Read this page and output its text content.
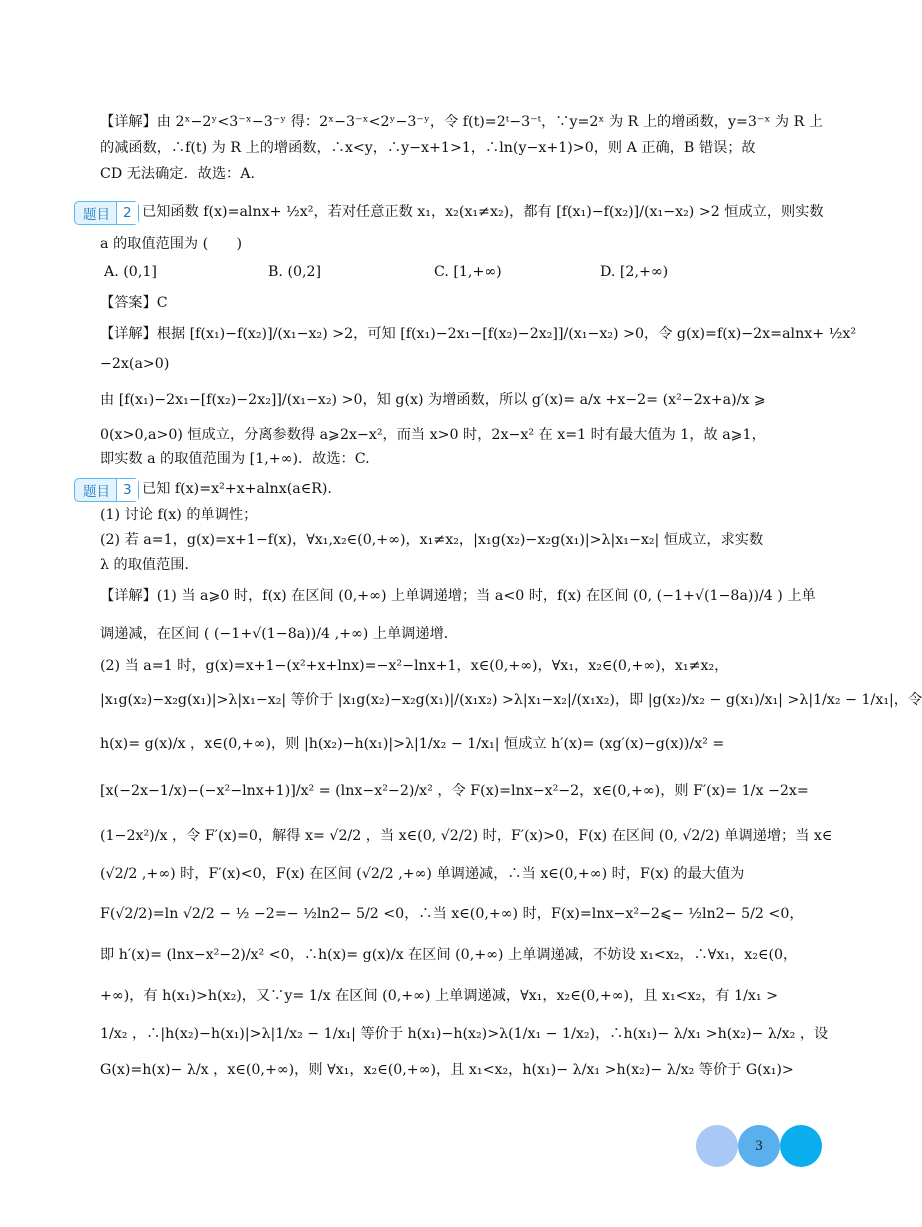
【详解】由 2ˣ−2ʸ<3⁻ˣ−3⁻ʸ 得：2ˣ−3⁻ˣ<2ʸ−3⁻ʸ，令 f(t)=2ᵗ−3⁻ᵗ，∵y=2ˣ 为 R 上的增函数，y=3⁻ˣ 为 R 上
的减函数，∴f(t) 为 R 上的增函数，∴x<y，∴y−x+1>1，∴ln(y−x+1)>0，则 A 正确，B 错误；故
CD 无法确定．故选：A.
题目 2 已知函数 f(x)=alnx+ ½x²，若对任意正数 x₁，x₂(x₁≠x₂)，都有 [f(x₁)−f(x₂)]/(x₁−x₂) >2 恒成立，则实数
a 的取值范围为 (　　)
A. (0,1]	B. (0,2]	C. [1,+∞)	D. [2,+∞)
【答案】C
【详解】根据 [f(x₁)−f(x₂)]/(x₁−x₂) >2，可知 [f(x₁)−2x₁−[f(x₂)−2x₂]]/(x₁−x₂) >0，令 g(x)=f(x)−2x=alnx+ ½x²
−2x(a>0)
由 [f(x₁)−2x₁−[f(x₂)−2x₂]]/(x₁−x₂) >0，知 g(x) 为增函数，所以 g′(x)= a/x +x−2= (x²−2x+a)/x ⩾
0(x>0,a>0) 恒成立，分离参数得 a⩾2x−x²，而当 x>0 时，2x−x² 在 x=1 时有最大值为 1，故 a⩾1，
即实数 a 的取值范围为 [1,+∞)．故选：C.
题目 3 已知 f(x)=x²+x+alnx(a∈R).
(1) 讨论 f(x) 的单调性；
(2) 若 a=1，g(x)=x+1−f(x)，∀x₁,x₂∈(0,+∞)，x₁≠x₂，|x₁g(x₂)−x₂g(x₁)|>λ|x₁−x₂| 恒成立，求实数
λ 的取值范围．
【详解】(1) 当 a⩾0 时，f(x) 在区间 (0,+∞) 上单调递增；当 a<0 时，f(x) 在区间 (0, (−1+√(1−8a))/4 ) 上单
调递减，在区间 ( (−1+√(1−8a))/4 ,+∞) 上单调递增．
(2) 当 a=1 时，g(x)=x+1−(x²+x+lnx)=−x²−lnx+1，x∈(0,+∞)，∀x₁，x₂∈(0,+∞)，x₁≠x₂，
|x₁g(x₂)−x₂g(x₁)|>λ|x₁−x₂| 等价于 |x₁g(x₂)−x₂g(x₁)|/(x₁x₂) >λ|x₁−x₂|/(x₁x₂)，即 |g(x₂)/x₂ − g(x₁)/x₁| >λ|1/x₂ − 1/x₁|，令
h(x)= g(x)/x ，x∈(0,+∞)，则 |h(x₂)−h(x₁)|>λ|1/x₂ − 1/x₁| 恒成立 h′(x)= (xg′(x)−g(x))/x² =
[x(−2x−1/x)−(−x²−lnx+1)]/x² = (lnx−x²−2)/x² ，令 F(x)=lnx−x²−2，x∈(0,+∞)，则 F′(x)= 1/x −2x=
(1−2x²)/x ，令 F′(x)=0，解得 x= √2/2 ，当 x∈(0, √2/2) 时，F′(x)>0，F(x) 在区间 (0, √2/2) 单调递增；当 x∈
(√2/2 ,+∞) 时，F′(x)<0，F(x) 在区间 (√2/2 ,+∞) 单调递减，∴当 x∈(0,+∞) 时，F(x) 的最大值为
F(√2/2)=ln √2/2 − ½ −2=− ½ln2− 5/2 <0，∴当 x∈(0,+∞) 时，F(x)=lnx−x²−2⩽− ½ln2− 5/2 <0，
即 h′(x)= (lnx−x²−2)/x² <0，∴h(x)= g(x)/x 在区间 (0,+∞) 上单调递减，不妨设 x₁<x₂，∴∀x₁，x₂∈(0，
+∞)，有 h(x₁)>h(x₂)，又∵y= 1/x 在区间 (0,+∞) 上单调递减，∀x₁，x₂∈(0,+∞)，且 x₁<x₂，有 1/x₁ >
1/x₂ ，∴|h(x₂)−h(x₁)|>λ|1/x₂ − 1/x₁| 等价于 h(x₁)−h(x₂)>λ(1/x₁ − 1/x₂)，∴h(x₁)− λ/x₁ >h(x₂)− λ/x₂ ，设
G(x)=h(x)− λ/x ，x∈(0,+∞)，则 ∀x₁，x₂∈(0,+∞)，且 x₁<x₂，h(x₁)− λ/x₁ >h(x₂)− λ/x₂ 等价于 G(x₁)>
3
